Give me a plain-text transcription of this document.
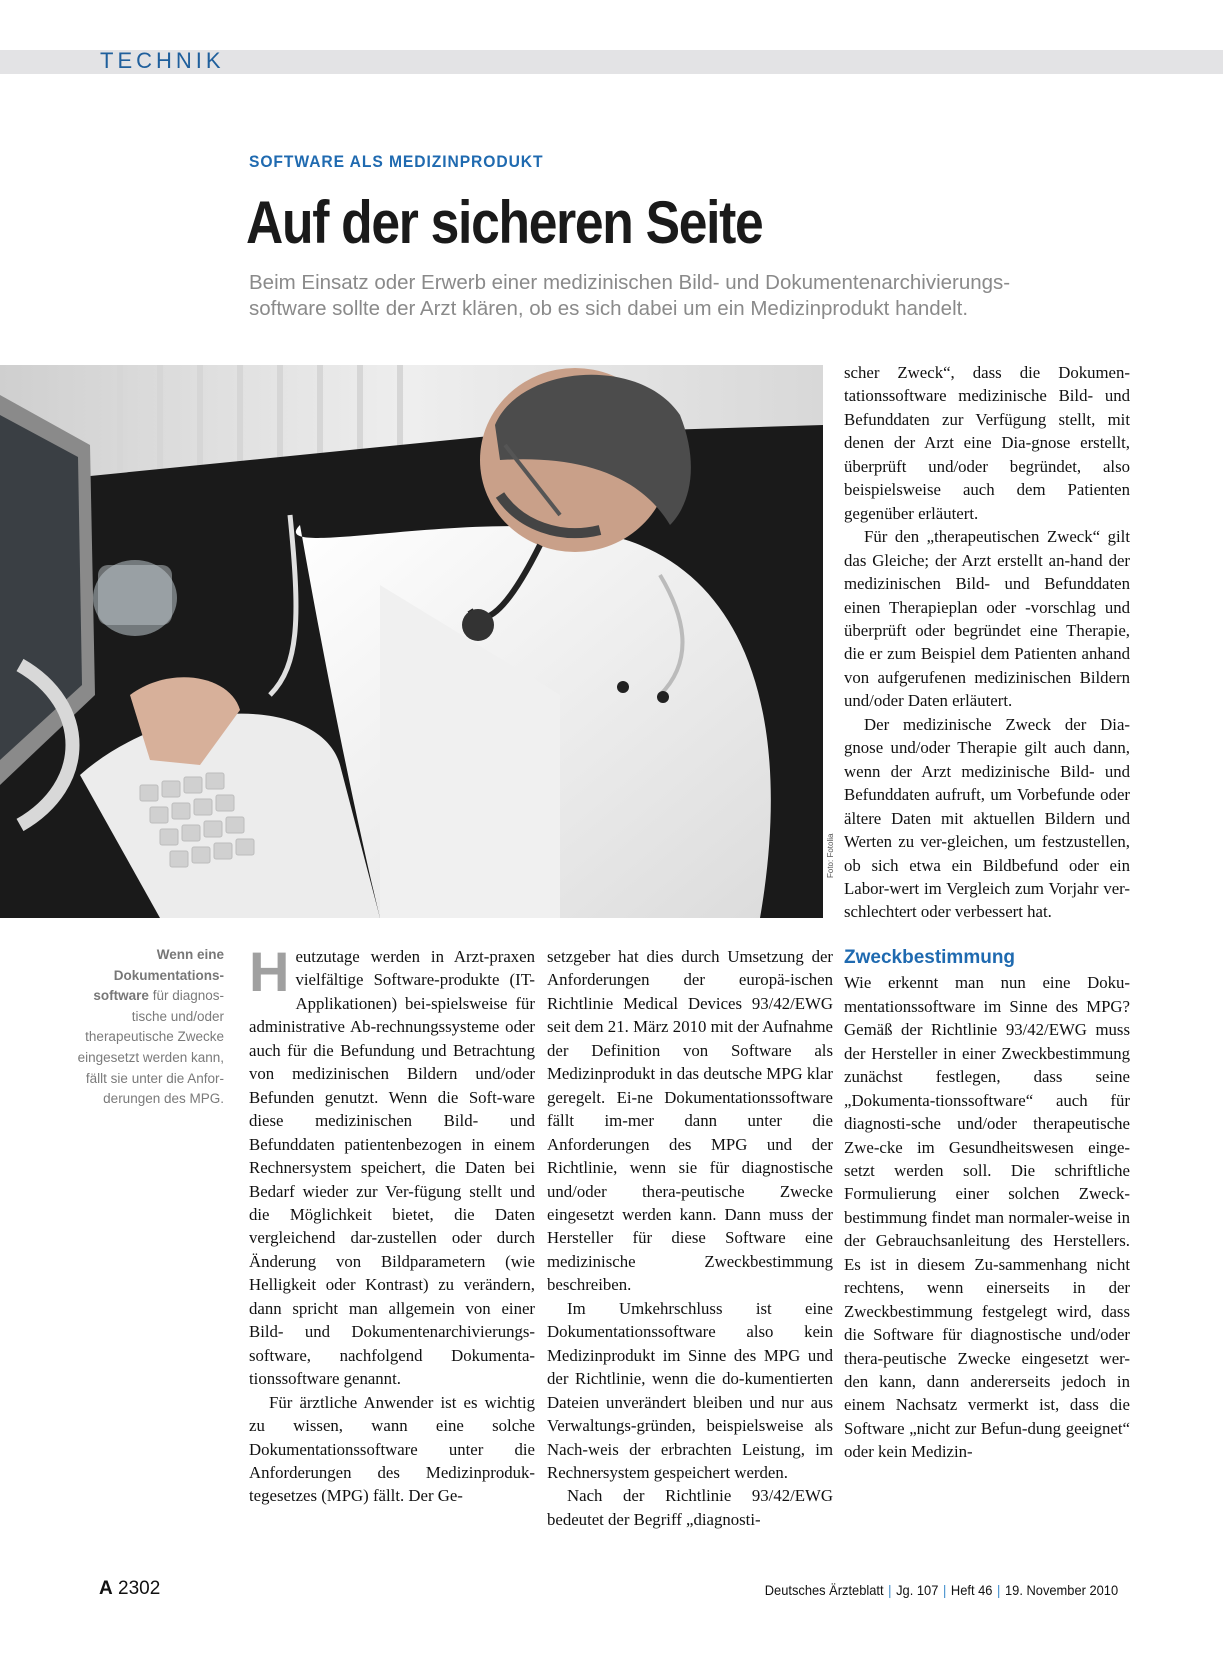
TECHNIK
SOFTWARE ALS MEDIZINPRODUKT
Auf der sicheren Seite
Beim Einsatz oder Erwerb einer medizinischen Bild- und Dokumentenarchivierungs-
software sollte der Arzt klären, ob es sich dabei um ein Medizinprodukt handelt.
Foto: Fotolia
Wenn eine Dokumentations-software für diagnos-tische und/oder therapeutische Zwecke eingesetzt werden kann, fällt sie unter die Anfor-derungen des MPG.

Heutzutage werden in Arzt-praxen vielfältige Software-produkte (IT-Applikationen) bei-spielsweise für administrative Ab-rechnungssysteme oder auch für die Befundung und Betrachtung von medizinischen Bildern und/oder Befunden genutzt. Wenn die Soft-ware diese medizinischen Bild- und Befunddaten patientenbezogen in einem Rechnersystem speichert, die Daten bei Bedarf wieder zur Ver-fügung stellt und die Möglichkeit bietet, die Daten vergleichend dar-zustellen oder durch Änderung von Bildparametern (wie Helligkeit oder Kontrast) zu verändern, dann spricht man allgemein von einer Bild- und Dokumentenarchivierungs-software, nachfolgend Dokumenta-tionssoftware genannt.

Für ärztliche Anwender ist es wichtig zu wissen, wann eine solche Dokumentationssoftware unter die Anforderungen des Medizinproduk-tegesetzes (MPG) fällt. Der Ge-

setzgeber hat dies durch Umsetzung der Anforderungen der europä-ischen Richtlinie Medical Devices 93/42/EWG seit dem 21. März 2010 mit der Aufnahme der Definition von Software als Medizinprodukt in das deutsche MPG klar geregelt. Ei-ne Dokumentationssoftware fällt im-mer dann unter die Anforderungen des MPG und der Richtlinie, wenn sie für diagnostische und/oder thera-peutische Zwecke eingesetzt werden kann. Dann muss der Hersteller für diese Software eine medizinische Zweckbestimmung beschreiben.

Im Umkehrschluss ist eine Dokumentationssoftware also kein Medizinprodukt im Sinne des MPG und der Richtlinie, wenn die do-kumentierten Dateien unverändert bleiben und nur aus Verwaltungs-gründen, beispielsweise als Nach-weis der erbrachten Leistung, im Rechnersystem gespeichert werden.

Nach der Richtlinie 93/42/EWG bedeutet der Begriff „diagnosti-

scher Zweck“, dass die Dokumen-tationssoftware medizinische Bild- und Befunddaten zur Verfügung stellt, mit denen der Arzt eine Dia-gnose erstellt, überprüft und/oder begründet, also beispielsweise auch dem Patienten gegenüber erläutert.

Für den „therapeutischen Zweck“ gilt das Gleiche; der Arzt erstellt an-hand der medizinischen Bild- und Befunddaten einen Therapieplan oder -vorschlag und überprüft oder begründet eine Therapie, die er zum Beispiel dem Patienten anhand von aufgerufenen medizinischen Bildern und/oder Daten erläutert.

Der medizinische Zweck der Dia-gnose und/oder Therapie gilt auch dann, wenn der Arzt medizinische Bild- und Befunddaten aufruft, um Vorbefunde oder ältere Daten mit aktuellen Bildern und Werten zu ver-gleichen, um festzustellen, ob sich etwa ein Bildbefund oder ein Labor-wert im Vergleich zum Vorjahr ver-schlechtert oder verbessert hat.

Zweckbestimmung

Wie erkennt man nun eine Doku-mentationssoftware im Sinne des MPG? Gemäß der Richtlinie 93/42/EWG muss der Hersteller in einer Zweckbestimmung zunächst festlegen, dass seine „Dokumenta-tionssoftware“ auch für diagnosti-sche und/oder therapeutische Zwe-cke im Gesundheitswesen einge-setzt werden soll. Die schriftliche Formulierung einer solchen Zweck-bestimmung findet man normaler-weise in der Gebrauchsanleitung des Herstellers. Es ist in diesem Zu-sammenhang nicht rechtens, wenn einerseits in der Zweckbestimmung festgelegt wird, dass die Software für diagnostische und/oder thera-peutische Zwecke eingesetzt wer-den kann, dann andererseits jedoch in einem Nachsatz vermerkt ist, dass die Software „nicht zur Befun-dung geeignet“ oder kein Medizin-

A 2302	Deutsches Ärzteblatt | Jg. 107 | Heft 46 | 19. November 2010
